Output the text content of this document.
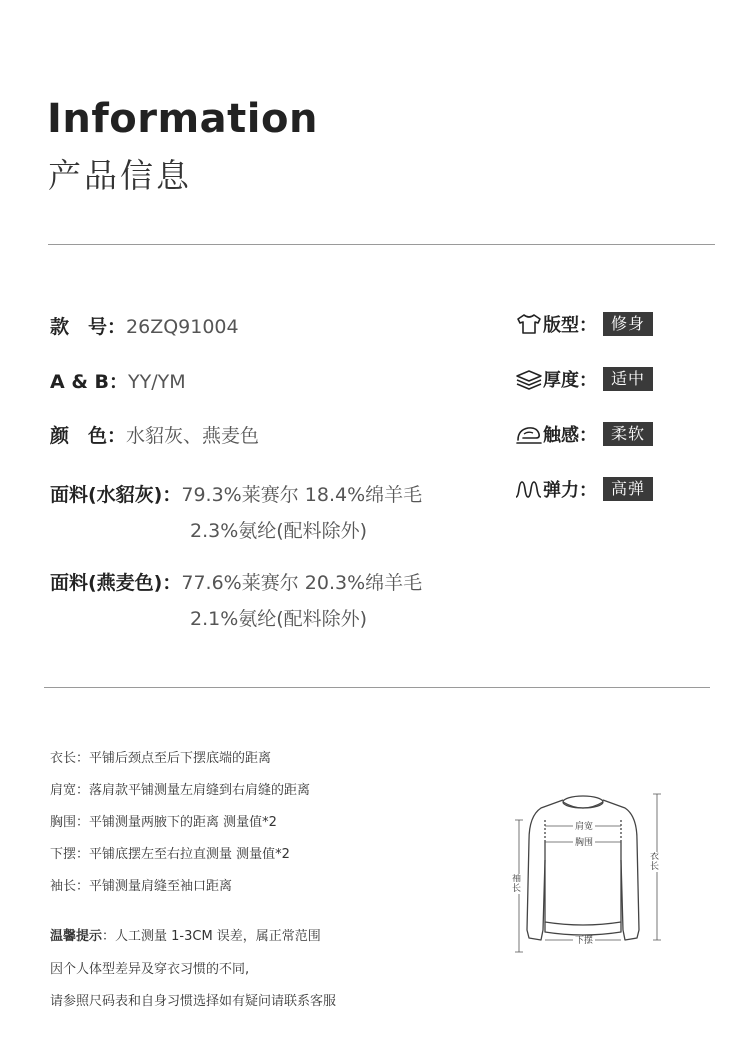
Information
产品信息
款　号：26ZQ91004
A & B：YY/YM
颜　色：水貂灰、燕麦色
面料(水貂灰)：79.3%莱赛尔 18.4%绵羊毛
2.3%氨纶(配料除外)
面料(燕麦色)：77.6%莱赛尔 20.3%绵羊毛
2.1%氨纶(配料除外)
版型： 修身
厚度： 适中
触感： 柔软
弹力： 高弹
衣长：平铺后颈点至后下摆底端的距离
肩宽：落肩款平铺测量左肩缝到右肩缝的距离
胸围：平铺测量两腋下的距离 测量值*2
下摆：平铺底摆左至右拉直测量 测量值*2
袖长：平铺测量肩缝至袖口距离
温馨提示：人工测量 1-3CM 误差，属正常范围
因个人体型差异及穿衣习惯的不同,
请参照尺码表和自身习惯选择如有疑问请联系客服
肩宽
胸围
下摆
衣长
袖长
